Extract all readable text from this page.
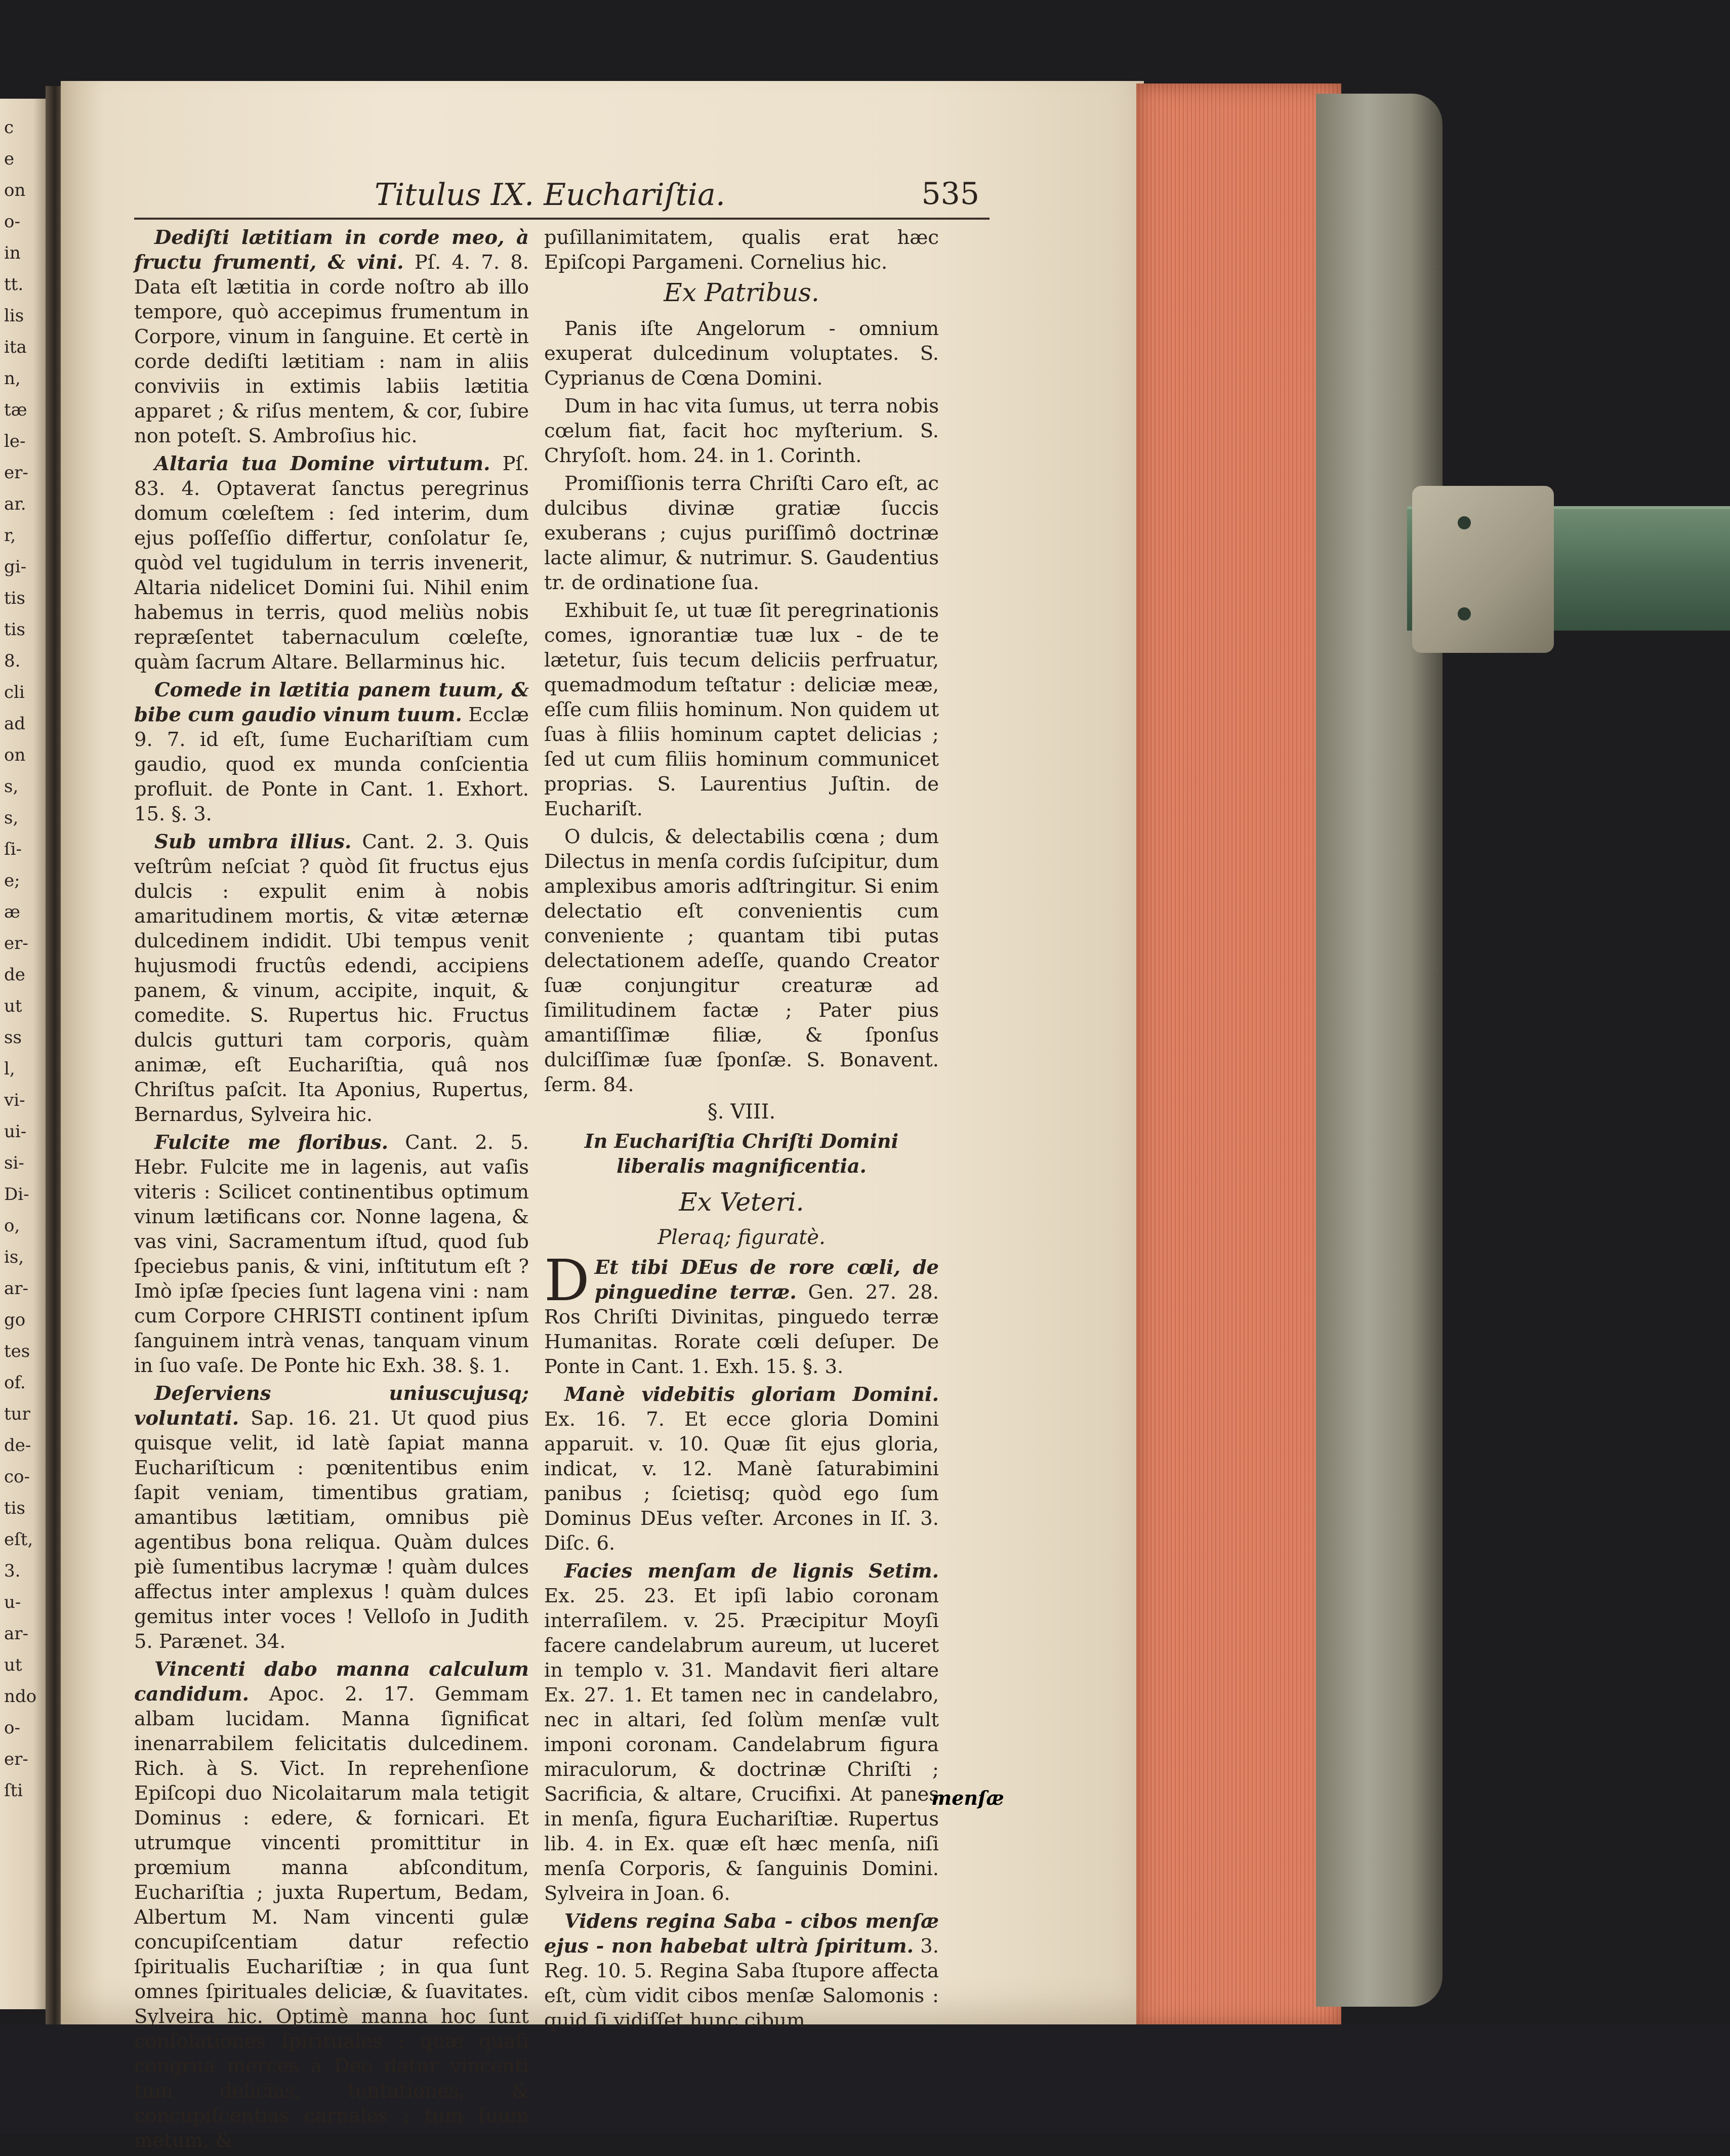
c
e
on
o-
in
tt.
lis
ita
n,
tæ
le-
er-
ar.
r,
gi-
tis
tis
8.
cli
ad
on
s,
s,
ſi-
e;
æ
er-
de
ut
ss
l,
vi-
ui-
si-
Di-
o,
is,
ar-
go
tes
of.
tur
de-
co-
tis
eſt,
3.
u-
ar-
ut
ndo
o-
er-
ſti
Titulus IX. Euchariſtia.	535

Dediſti lætitiam in corde meo, à fructu frumenti, & vini. Pſ. 4. 7. 8. Data eſt lætitia in corde noſtro ab illo tempore, quò accepimus frumentum in Corpore, vinum in ſanguine. Et certè in corde dediſti lætitiam : nam in aliis conviviis in extimis labiis lætitia apparet ; & riſus mentem, & cor, ſubire non poteſt. S. Ambroſius hic.

Altaria tua Domine virtutum. Pſ. 83. 4. Optaverat ſanctus peregrinus domum cœleſtem : ſed interim, dum ejus poſſeſſio differtur, conſolatur ſe, quòd vel tugidulum in terris invenerit, Altaria nidelicet Domini ſui. Nihil enim habemus in terris, quod meliùs nobis repræſentet tabernaculum cœleſte, quàm ſacrum Altare. Bellarminus hic.

Comede in lætitia panem tuum, & bibe cum gaudio vinum tuum. Ecclæ 9. 7. id eſt, ſume Euchariſtiam cum gaudio, quod ex munda conſcientia profluit. de Ponte in Cant. 1. Exhort. 15. §. 3.

Sub umbra illius. Cant. 2. 3. Quis veſtrûm neſciat ? quòd ſit fructus ejus dulcis : expulit enim à nobis amaritudinem mortis, & vitæ æternæ dulcedinem indidit. Ubi tempus venit hujusmodi fructûs edendi, accipiens panem, & vinum, accipite, inquit, & comedite. S. Rupertus hic. Fructus dulcis gutturi tam corporis, quàm animæ, eſt Euchariſtia, quâ nos Chriſtus paſcit. Ita Aponius, Rupertus, Bernardus, Sylveira hic.

Fulcite me floribus. Cant. 2. 5. Hebr. Fulcite me in lagenis, aut vaſis viteris : Scilicet continentibus optimum vinum lætificans cor. Nonne lagena, & vas vini, Sacramentum iſtud, quod ſub ſpeciebus panis, & vini, inſtitutum eſt ? Imò ipſæ ſpecies ſunt lagena vini : nam cum Corpore CHRISTI continent ipſum ſanguinem intrà venas, tanquam vinum in ſuo vaſe. De Ponte hic Exh. 38. §. 1.

Deſerviens uniuscujusq; voluntati. Sap. 16. 21. Ut quod pius quisque velit, id latè ſapiat manna Euchariſticum : pœnitentibus enim ſapit veniam, timentibus gratiam, amantibus lætitiam, omnibus piè agentibus bona reliqua. Quàm dulces piè ſumentibus lacrymæ ! quàm dulces affectus inter amplexus ! quàm dulces gemitus inter voces ! Velloſo in Judith 5. Parænet. 34.

Vincenti dabo manna calculum candidum. Apoc. 2. 17. Gemmam albam lucidam. Manna ſignificat inenarrabilem felicitatis dulcedinem. Rich. à S. Vict. In reprehenſione Epiſcopi duo Nicolaitarum mala tetigit Dominus : edere, & fornicari. Et utrumque vincenti promittitur in prœmium manna abſconditum, Euchariſtia ; juxta Rupertum, Bedam, Albertum M. Nam vincenti gulæ concupiſcentiam datur refectio ſpiritualis Euchariſtiæ ; in qua ſunt omnes ſpirituales deliciæ, & ſuavitates. Sylveira hic. Optimè manna hoc ſunt conſolationes ſpirituales : quæ quaſi congrua merces à Deo datur vincenti tum delicias, tentationes, & concupiſcentias carnales ; tum ſuum metum, &

puſillanimitatem, qualis erat hæc Epiſcopi Pargameni. Cornelius hic.

Ex Patribus.

Panis iſte Angelorum - omnium exuperat dulcedinum voluptates. S. Cyprianus de Cœna Domini.

Dum in hac vita ſumus, ut terra nobis cœlum fiat, facit hoc myſterium. S. Chryſoſt. hom. 24. in 1. Corinth.

Promiſſionis terra Chriſti Caro eſt, ac dulcibus divinæ gratiæ ſuccis exuberans ; cujus puriſſimô doctrinæ lacte alimur, & nutrimur. S. Gaudentius tr. de ordinatione ſua.

Exhibuit ſe, ut tuæ ſit peregrinationis comes, ignorantiæ tuæ lux - de te lætetur, ſuis tecum deliciis perfruatur, quemadmodum teſtatur : deliciæ meæ, eſſe cum filiis hominum. Non quidem ut ſuas à filiis hominum captet delicias ; ſed ut cum filiis hominum communicet proprias. S. Laurentius Juſtin. de Euchariſt.

O dulcis, & delectabilis cœna ; dum Dilectus in menſa cordis ſuſcipitur, dum amplexibus amoris adſtringitur. Si enim delectatio eſt convenientis cum conveniente ; quantam tibi putas delectationem adeſſe, quando Creator ſuæ conjungitur creaturæ ad ſimilitudinem factæ ; Pater pius amantiſſimæ filiæ, & ſponſus dulciſſimæ ſuæ ſponſæ. S. Bonavent. ſerm. 84.

§. VIII.
In Euchariſtia Chriſti Domini liberalis magnificentia.
Ex Veteri.
Pleraq; figuratè.

D Et tibi DEus de rore cœli, de pinguedine terræ. Gen. 27. 28. Ros Chriſti Divinitas, pinguedo terræ Humanitas. Rorate cœli deſuper. De Ponte in Cant. 1. Exh. 15. §. 3.

Manè videbitis gloriam Domini. Ex. 16. 7. Et ecce gloria Domini apparuit. v. 10. Quæ ſit ejus gloria, indicat, v. 12. Manè ſaturabimini panibus ; ſcietisq; quòd ego ſum Dominus DEus veſter. Arcones in Iſ. 3. Diſc. 6.

Facies menſam de lignis Setim. Ex. 25. 23. Et ipſi labio coronam interraſilem. v. 25. Præcipitur Moyſi facere candelabrum aureum, ut luceret in templo v. 31. Mandavit fieri altare Ex. 27. 1. Et tamen nec in candelabro, nec in altari, ſed ſolùm menſæ vult imponi coronam. Candelabrum figura miraculorum, & doctrinæ Chriſti ; Sacrificia, & altare, Crucifixi. At panes in menſa, figura Euchariſtiæ. Rupertus lib. 4. in Ex. quæ eſt hæc menſa, niſi menſa Corporis, & ſanguinis Domini. Sylveira in Joan. 6.

Videns regina Saba - cibos menſæ ejus - non habebat ultrà ſpiritum. 3. Reg. 10. 5. Regina Saba ſtupore affecta eſt, cùm vidit cibos menſæ Salomonis : quid ſi vidiſſet hunc cibum

menſæ
